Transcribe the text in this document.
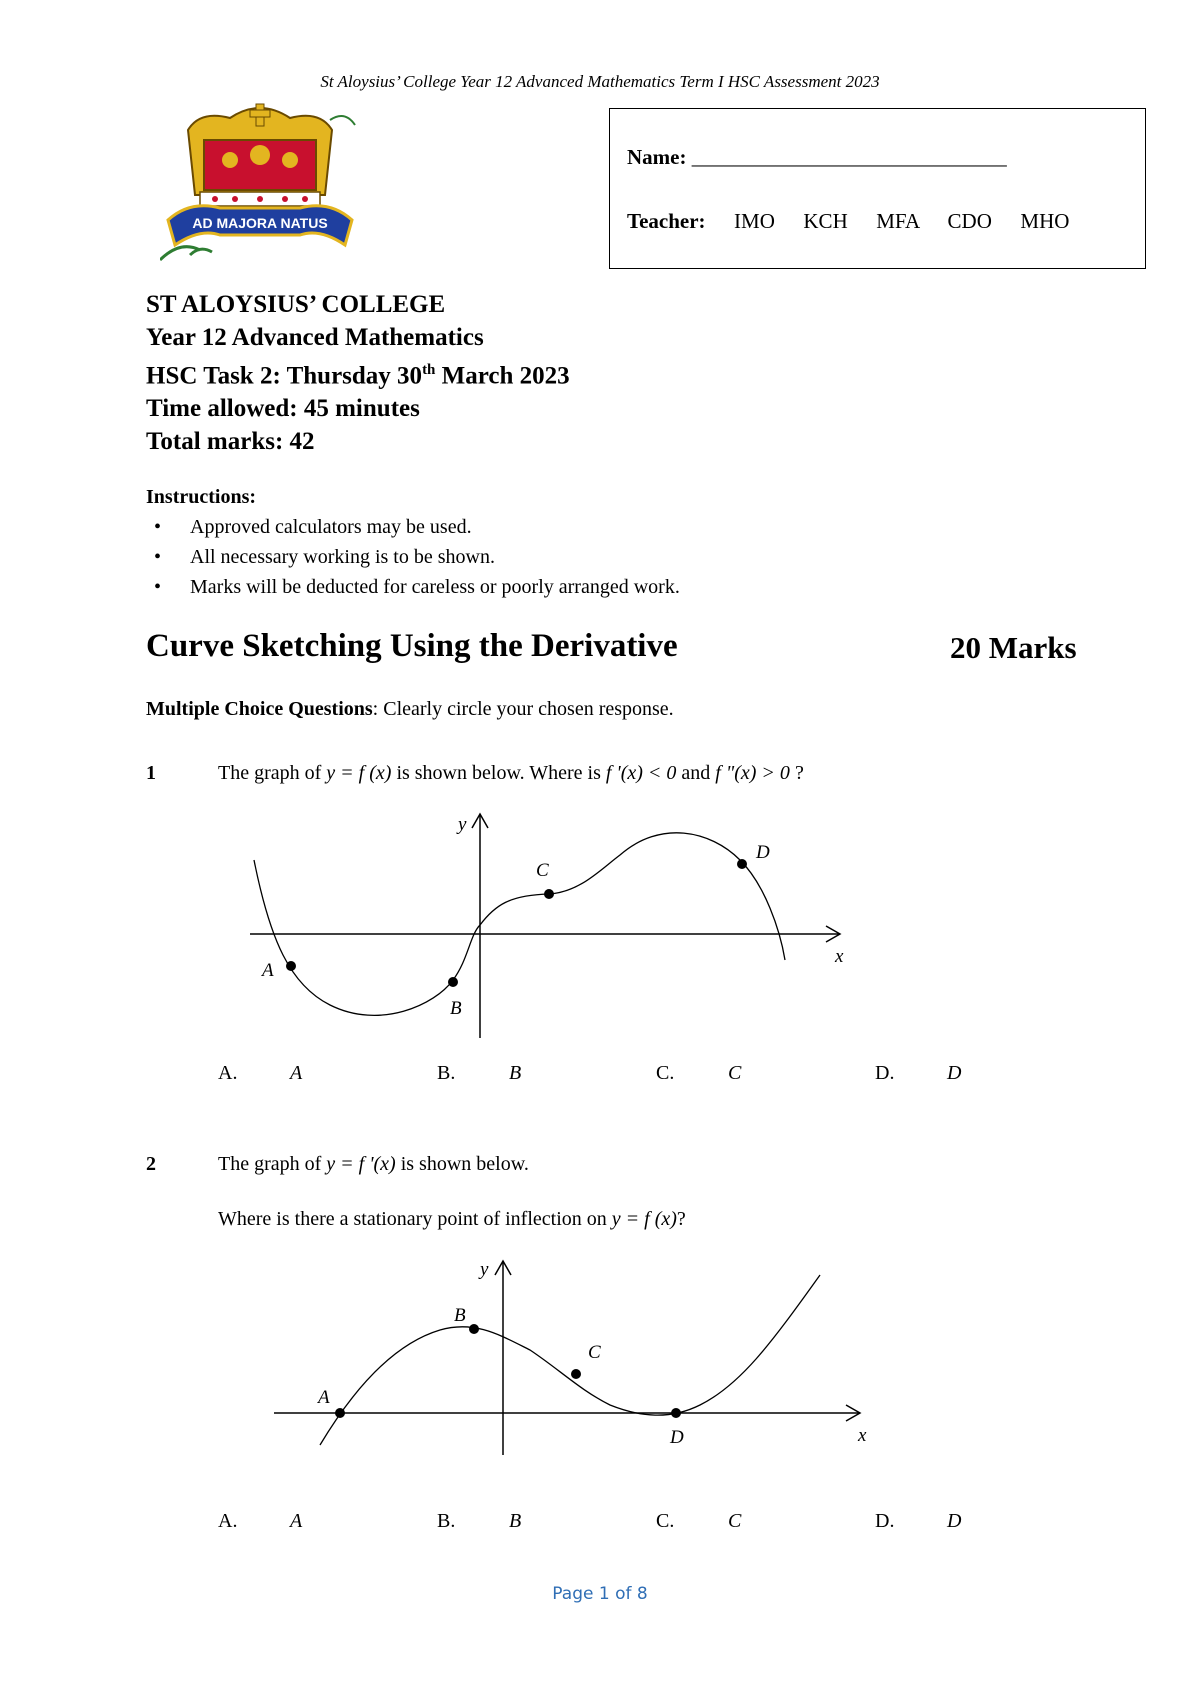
St Aloysius’ College Year 12 Advanced Mathematics Term I HSC Assessment 2023
AD MAJORA NATUS
Name: ______________________________
Teacher: IMO KCH MFA CDO MHO
ST ALOYSIUS’ COLLEGE
Year 12 Advanced Mathematics
HSC Task 2: Thursday 30th March 2023
Time allowed: 45 minutes
Total marks: 42
Instructions:
• Approved calculators may be used.
• All necessary working is to be shown.
• Marks will be deducted for careless or poorly arranged work.
Curve Sketching Using the Derivative	20 Marks
Multiple Choice Questions: Clearly circle your chosen response.
1	The graph of y = f (x) is shown below. Where is f '(x) < 0 and f "(x) > 0 ?
y
x
A
B
C
D
A.	A	B.	B	C.	C	D.	D
2	The graph of y = f '(x) is shown below.
Where is there a stationary point of inflection on y = f (x)?
y
x
A
B
C
D
A.	A	B.	B	C.	C	D.	D
Page 1 of 8
